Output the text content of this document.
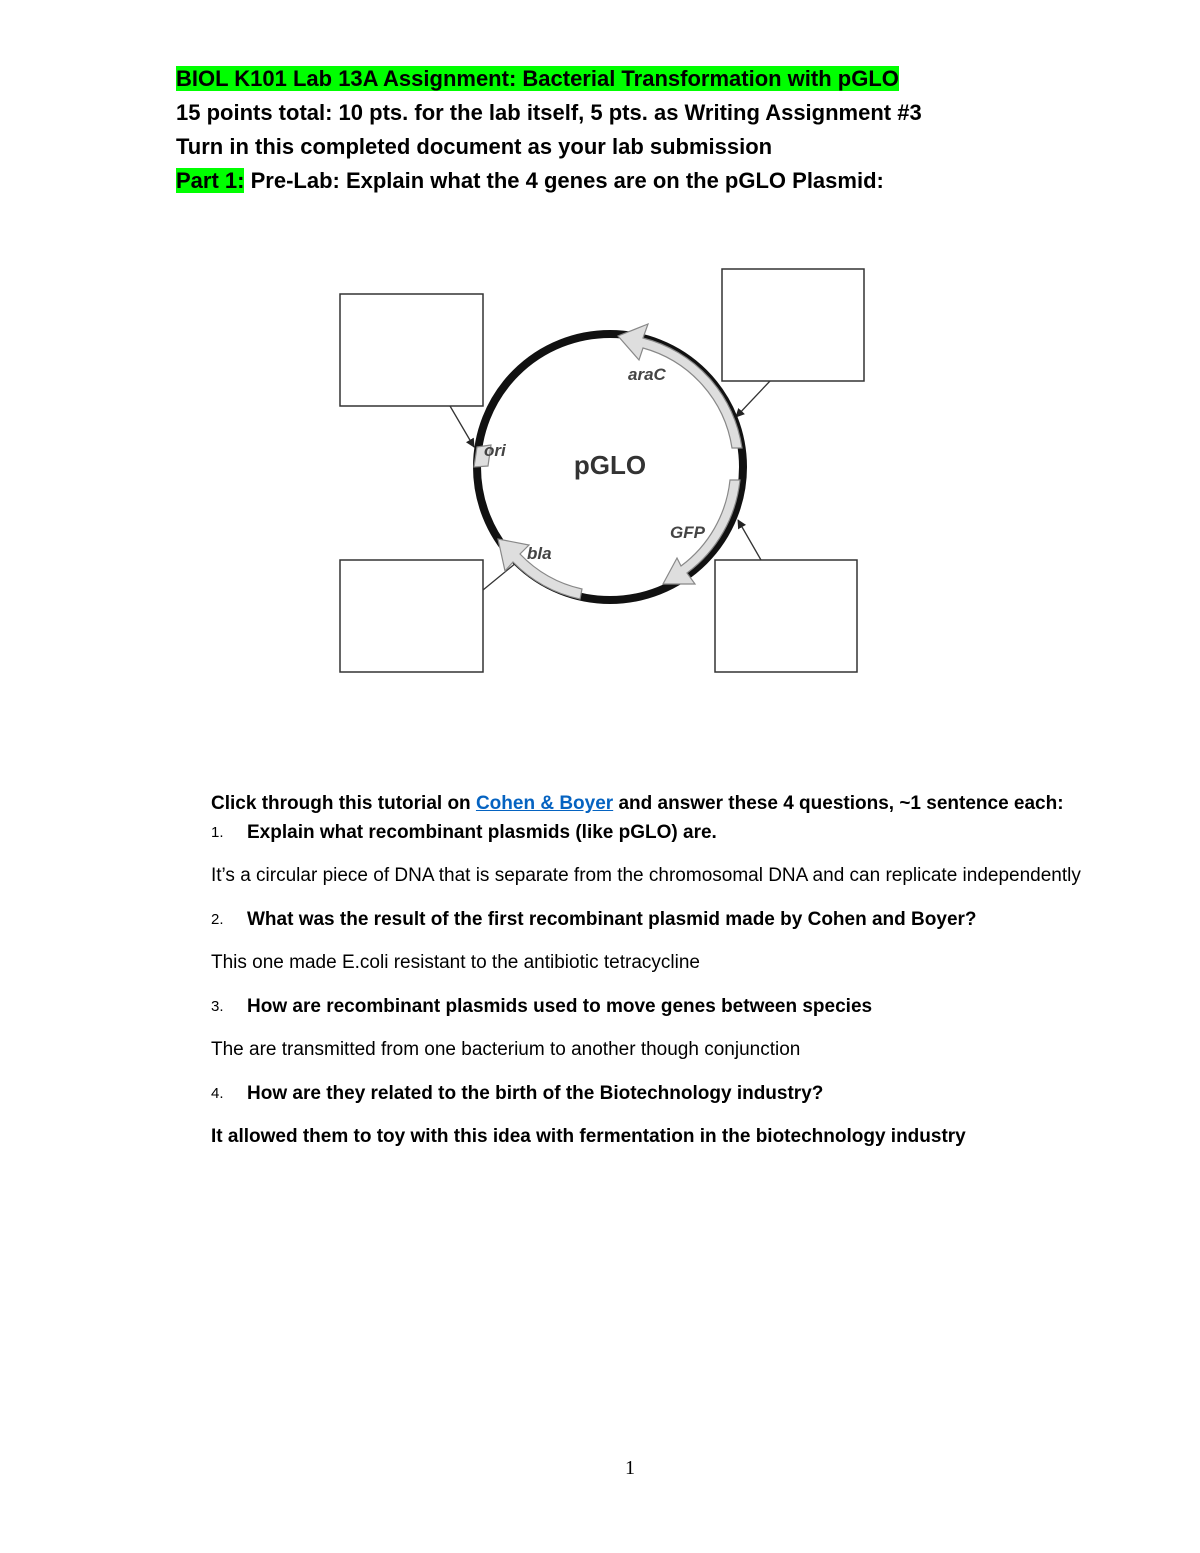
BIOL K101 Lab 13A Assignment: Bacterial Transformation with pGLO
15 points total: 10 pts. for the lab itself, 5 pts. as Writing Assignment #3
Turn in this completed document as your lab submission
Part 1: Pre-Lab: Explain what the 4 genes are on the pGLO Plasmid:
pGLO
araC
GFP
bla
ori

Click through this tutorial on Cohen & Boyer and answer these 4 questions, ~1 sentence each:

1.	Explain what recombinant plasmids (like pGLO) are.

It’s a circular piece of DNA that is separate from the chromosomal DNA and can replicate independently

2.	What was the result of the first recombinant plasmid made by Cohen and Boyer?

This one made E.coli resistant to the antibiotic tetracycline

3.	How are recombinant plasmids used to move genes between species

The are transmitted from one bacterium to another though conjunction

4.	How are they related to the birth of the Biotechnology industry?

It allowed them to toy with this idea with fermentation in the biotechnology industry

1
